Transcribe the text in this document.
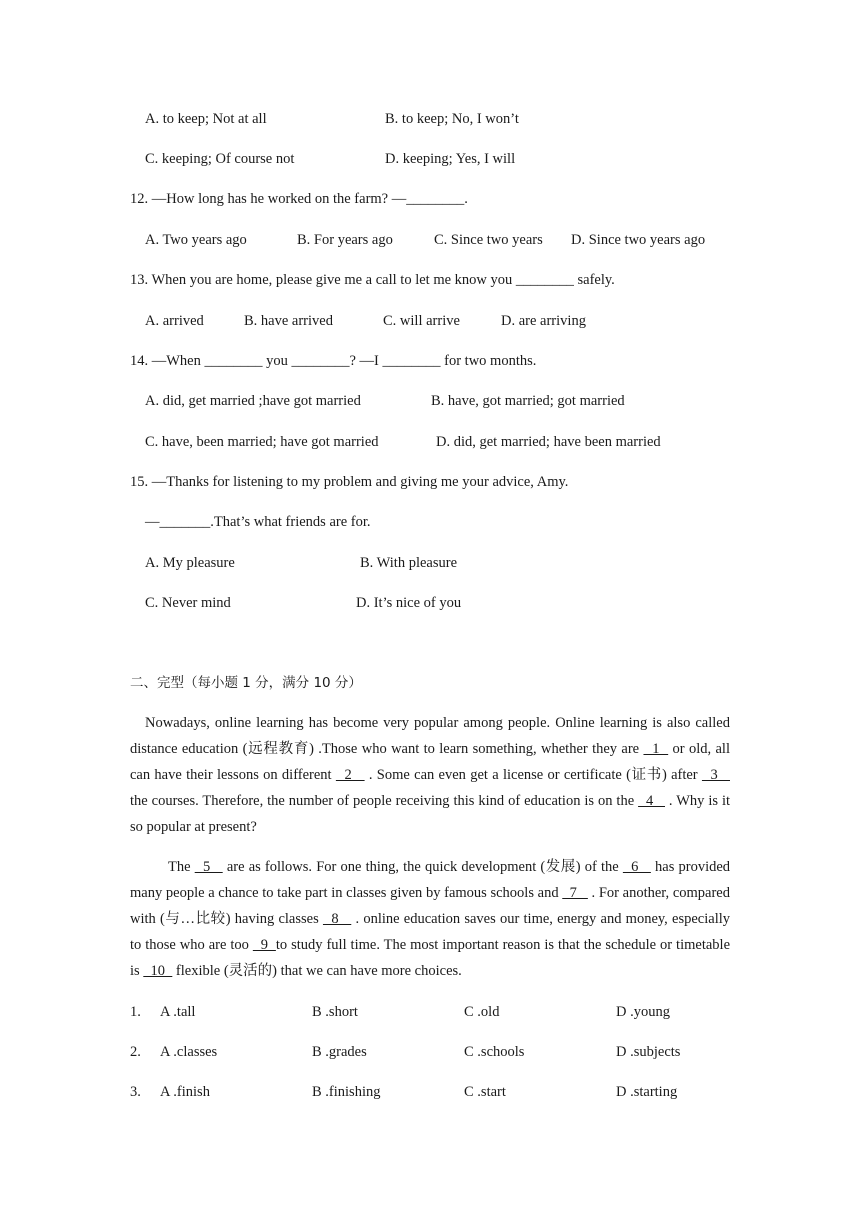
A. to keep; Not at all	B. to keep; No, I won’t
C. keeping; Of course not	D. keeping; Yes, I will
12. —How long has he worked on the farm? —________.
A. Two years ago	B. For years ago	C. Since two years D. Since two years ago
13. When you are home, please give me a call to let me know you ________ safely.
A. arrived	B. have arrived	C. will arrive	D. are arriving
14. —When ________ you ________? —I ________ for two months.
A. did, get married ;have got married	B. have, got married; got married
C. have, been married; have got married	D. did, get married; have been married
15. —Thanks for listening to my problem and giving me your advice, Amy.
—_______.That’s what friends are for.
A. My pleasure	B. With pleasure
C. Never mind	D. It’s nice of you
二、完型（每小题 1 分，满分 10 分）

Nowadays, online learning has become very popular among people. Online learning is also called distance education (远程教育) .Those who want to learn something, whether they are   1   or old, all can have their lessons on different   2    . Some can even get a license or certificate (证书) after   3    the courses. Therefore, the number of people receiving this kind of education is on the   4    . Why is it so popular at present?

The   5    are as follows. For one thing, the quick development (发展) of the   6    has provided many people a chance to take part in classes given by famous schools and   7    . For another, compared with (与…比较) having classes   8    . online education saves our time, energy and money, especially to those who are too   9  to study full time. The most important reason is that the schedule or timetable is   10   flexible (灵活的) that we can have more choices.

1. A .tall	B .short	C .old	D .young
2. A .classes	B .grades	C .schools	D .subjects
3. A .finish	B .finishing	C .start	D .starting
